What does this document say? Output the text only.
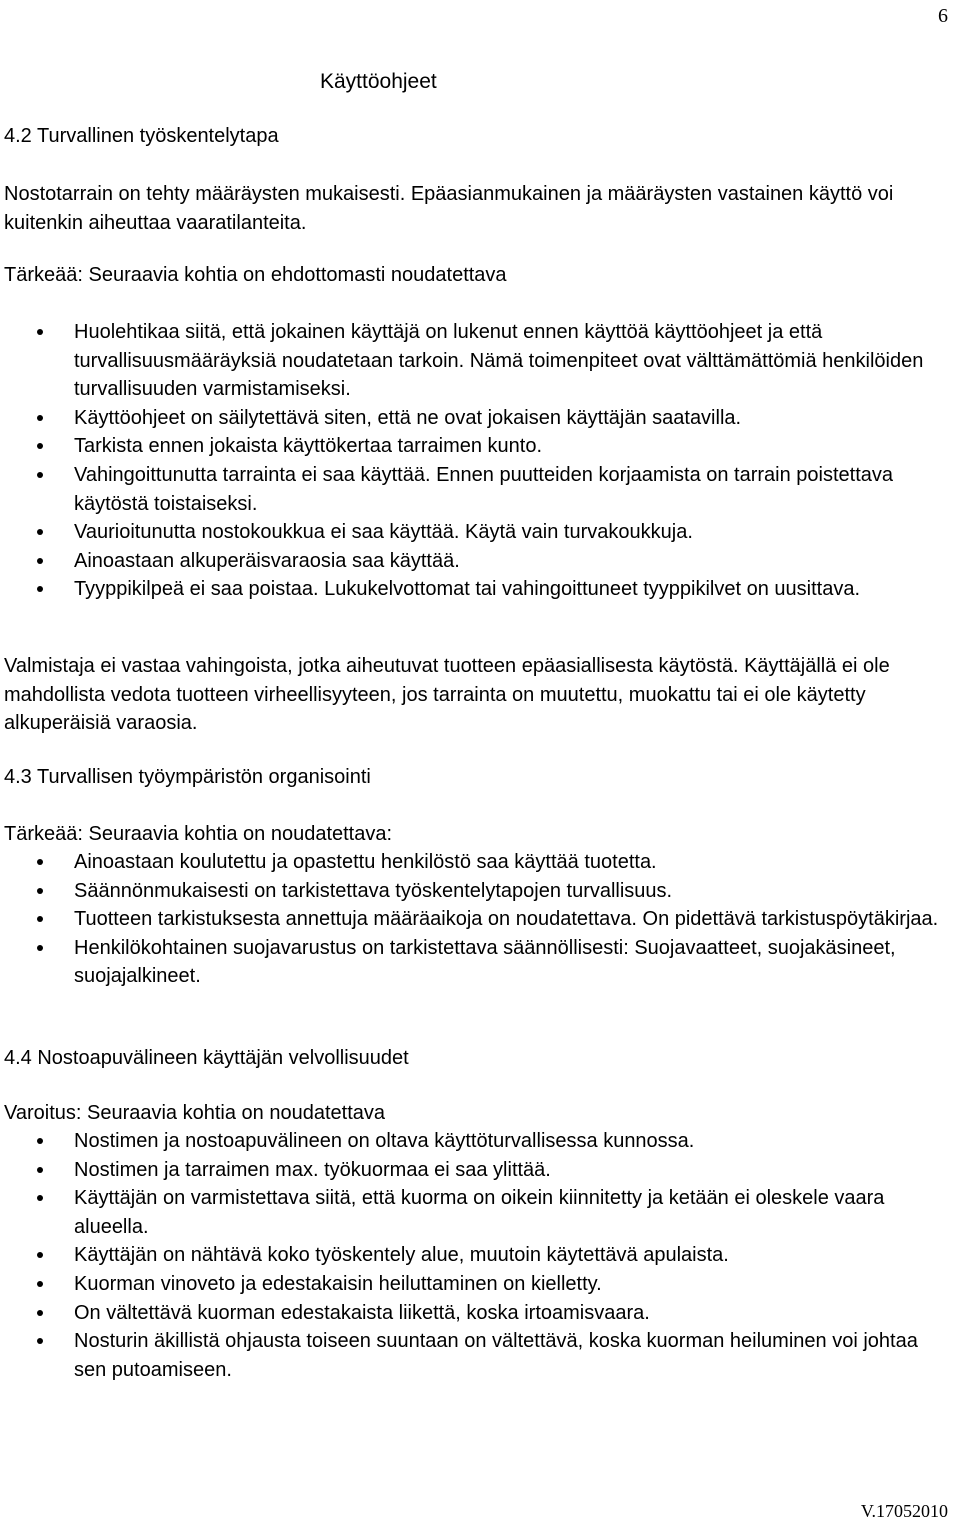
6
Käyttöohjeet
4.2 Turvallinen työskentelytapa
Nostotarrain on tehty määräysten mukaisesti. Epäasianmukainen ja määräysten vastainen käyttö voi kuitenkin aiheuttaa vaaratilanteita.
Tärkeää: Seuraavia kohtia on ehdottomasti noudatettava
Huolehtikaa siitä, että jokainen käyttäjä on lukenut ennen käyttöä käyttöohjeet ja että turvallisuusmääräyksiä noudatetaan tarkoin. Nämä toimenpiteet ovat välttämättömiä henkilöiden turvallisuuden varmistamiseksi.
Käyttöohjeet on säilytettävä siten, että ne ovat jokaisen käyttäjän saatavilla.
Tarkista ennen jokaista käyttökertaa tarraimen kunto.
Vahingoittunutta tarrainta ei saa käyttää. Ennen puutteiden korjaamista on tarrain poistettava käytöstä toistaiseksi.
Vaurioitunutta nostokoukkua ei saa käyttää. Käytä vain turvakoukkuja.
Ainoastaan alkuperäisvaraosia saa käyttää.
Tyyppikilpeä ei saa poistaa. Lukukelvottomat tai vahingoittuneet tyyppikilvet on uusittava.
Valmistaja ei vastaa vahingoista, jotka aiheutuvat tuotteen epäasiallisesta käytöstä. Käyttäjällä ei ole mahdollista vedota tuotteen virheellisyyteen, jos tarrainta on muutettu, muokattu tai ei ole käytetty alkuperäisiä varaosia.
4.3 Turvallisen työympäristön organisointi
Tärkeää: Seuraavia kohtia on noudatettava:
Ainoastaan koulutettu ja opastettu henkilöstö saa käyttää tuotetta.
Säännönmukaisesti on tarkistettava työskentelytapojen turvallisuus.
Tuotteen tarkistuksesta annettuja määräaikoja on noudatettava. On pidettävä tarkistuspöytäkirjaa.
Henkilökohtainen suojavarustus on tarkistettava säännöllisesti: Suojavaatteet, suojakäsineet, suojajalkineet.
4.4 Nostoapuvälineen käyttäjän velvollisuudet
Varoitus: Seuraavia kohtia on noudatettava
Nostimen ja nostoapuvälineen on oltava käyttöturvallisessa kunnossa.
Nostimen ja tarraimen max. työkuormaa ei saa ylittää.
Käyttäjän on varmistettava siitä, että kuorma on oikein kiinnitetty ja ketään ei oleskele vaara alueella.
Käyttäjän on nähtävä koko työskentely alue, muutoin käytettävä apulaista.
Kuorman vinoveto ja edestakaisin heiluttaminen on kielletty.
On vältettävä kuorman edestakaista liikettä, koska irtoamisvaara.
Nosturin äkillistä ohjausta toiseen suuntaan on vältettävä, koska kuorman heiluminen voi johtaa sen putoamiseen.
V.17052010
